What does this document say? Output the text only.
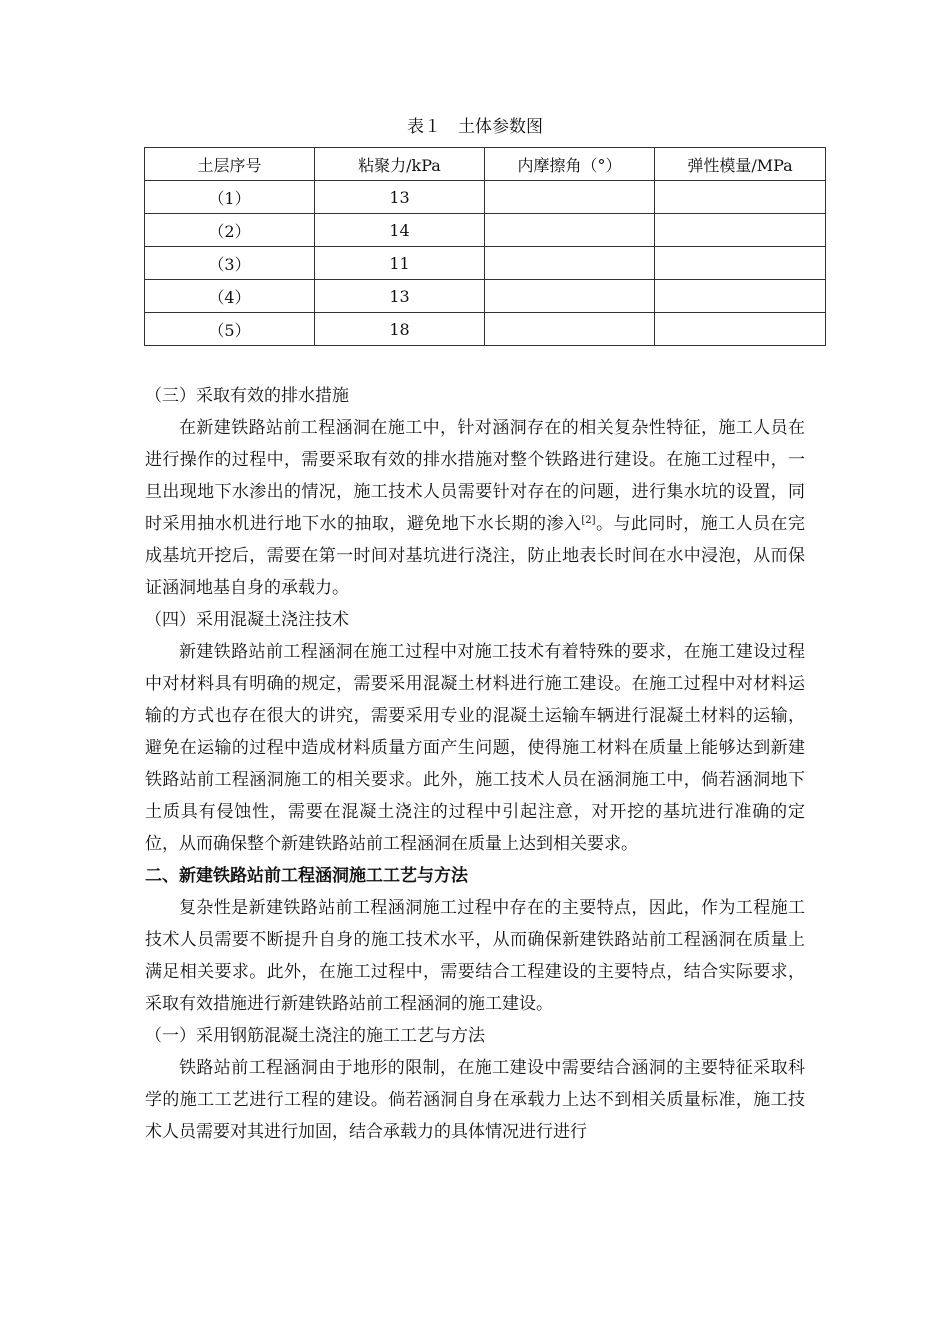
表１　土体参数图
土层序号	粘聚力/kPa	内摩擦角（°）	弹性模量/MPa
（1）	13		
（2）	14		
（3）	11		
（4）	13		
（5）	18		

（三）采取有效的排水措施

在新建铁路站前工程涵洞在施工中，针对涵洞存在的相关复杂性特征，施工人员在进行操作的过程中，需要采取有效的排水措施对整个铁路进行建设。在施工过程中，一旦出现地下水渗出的情况，施工技术人员需要针对存在的问题，进行集水坑的设置，同时采用抽水机进行地下水的抽取，避免地下水长期的渗入[2]。与此同时，施工人员在完成基坑开挖后，需要在第一时间对基坑进行浇注，防止地表长时间在水中浸泡，从而保证涵洞地基自身的承载力。

（四）采用混凝土浇注技术

新建铁路站前工程涵洞在施工过程中对施工技术有着特殊的要求，在施工建设过程中对材料具有明确的规定，需要采用混凝土材料进行施工建设。在施工过程中对材料运输的方式也存在很大的讲究，需要采用专业的混凝土运输车辆进行混凝土材料的运输，避免在运输的过程中造成材料质量方面产生问题，使得施工材料在质量上能够达到新建铁路站前工程涵洞施工的相关要求。此外，施工技术人员在涵洞施工中，倘若涵洞地下土质具有侵蚀性，需要在混凝土浇注的过程中引起注意，对开挖的基坑进行准确的定位，从而确保整个新建铁路站前工程涵洞在质量上达到相关要求。

二、新建铁路站前工程涵洞施工工艺与方法

复杂性是新建铁路站前工程涵洞施工过程中存在的主要特点，因此，作为工程施工技术人员需要不断提升自身的施工技术水平，从而确保新建铁路站前工程涵洞在质量上满足相关要求。此外，在施工过程中，需要结合工程建设的主要特点，结合实际要求，采取有效措施进行新建铁路站前工程涵洞的施工建设。

（一）采用钢筋混凝土浇注的施工工艺与方法

铁路站前工程涵洞由于地形的限制，在施工建设中需要结合涵洞的主要特征采取科学的施工工艺进行工程的建设。倘若涵洞自身在承载力上达不到相关质量标准，施工技术人员需要对其进行加固，结合承载力的具体情况进行进行
